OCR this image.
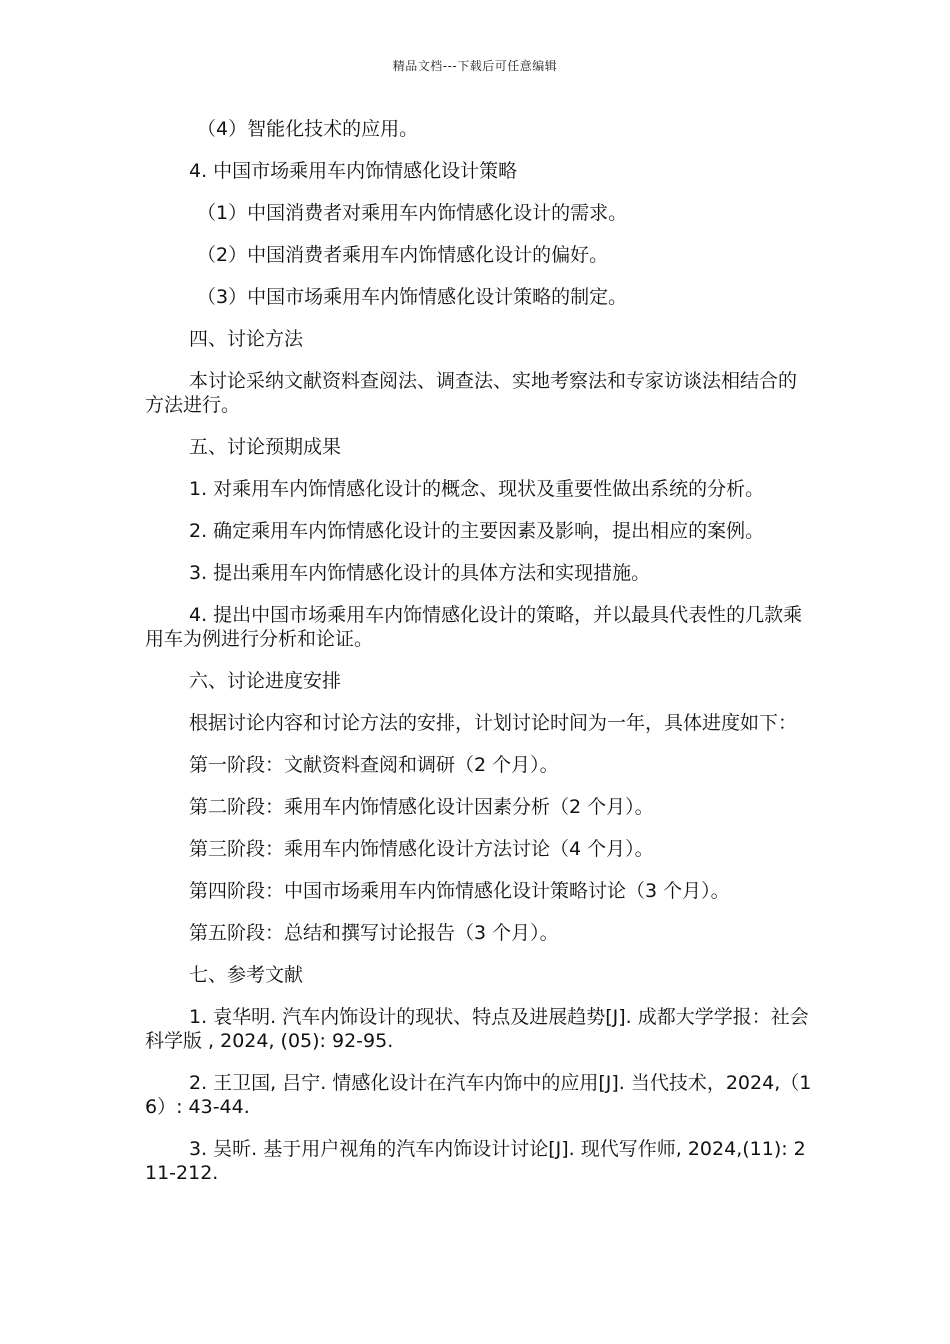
精品文档---下载后可任意编辑

（4）智能化技术的应用。

4. 中国市场乘用车内饰情感化设计策略

（1）中国消费者对乘用车内饰情感化设计的需求。

（2）中国消费者乘用车内饰情感化设计的偏好。

（3）中国市场乘用车内饰情感化设计策略的制定。

四、讨论方法

本讨论采纳文献资料查阅法、调查法、实地考察法和专家访谈法相结合的方法进行。

五、讨论预期成果

1. 对乘用车内饰情感化设计的概念、现状及重要性做出系统的分析。

2. 确定乘用车内饰情感化设计的主要因素及影响，提出相应的案例。

3. 提出乘用车内饰情感化设计的具体方法和实现措施。

4. 提出中国市场乘用车内饰情感化设计的策略，并以最具代表性的几款乘用车为例进行分析和论证。

六、讨论进度安排

根据讨论内容和讨论方法的安排，计划讨论时间为一年，具体进度如下：

第一阶段：文献资料查阅和调研（2 个月）。

第二阶段：乘用车内饰情感化设计因素分析（2 个月）。

第三阶段：乘用车内饰情感化设计方法讨论（4 个月）。

第四阶段：中国市场乘用车内饰情感化设计策略讨论（3 个月）。

第五阶段：总结和撰写讨论报告（3 个月）。

七、参考文献

1. 袁华明. 汽车内饰设计的现状、特点及进展趋势[J]. 成都大学学报：社会科学版 , 2024, (05): 92-95.

2. 王卫国, 吕宁. 情感化设计在汽车内饰中的应用[J]. 当代技术，2024,（16）: 43-44.

3. 吴昕. 基于用户视角的汽车内饰设计讨论[J]. 现代写作师, 2024,(11): 211-212.
